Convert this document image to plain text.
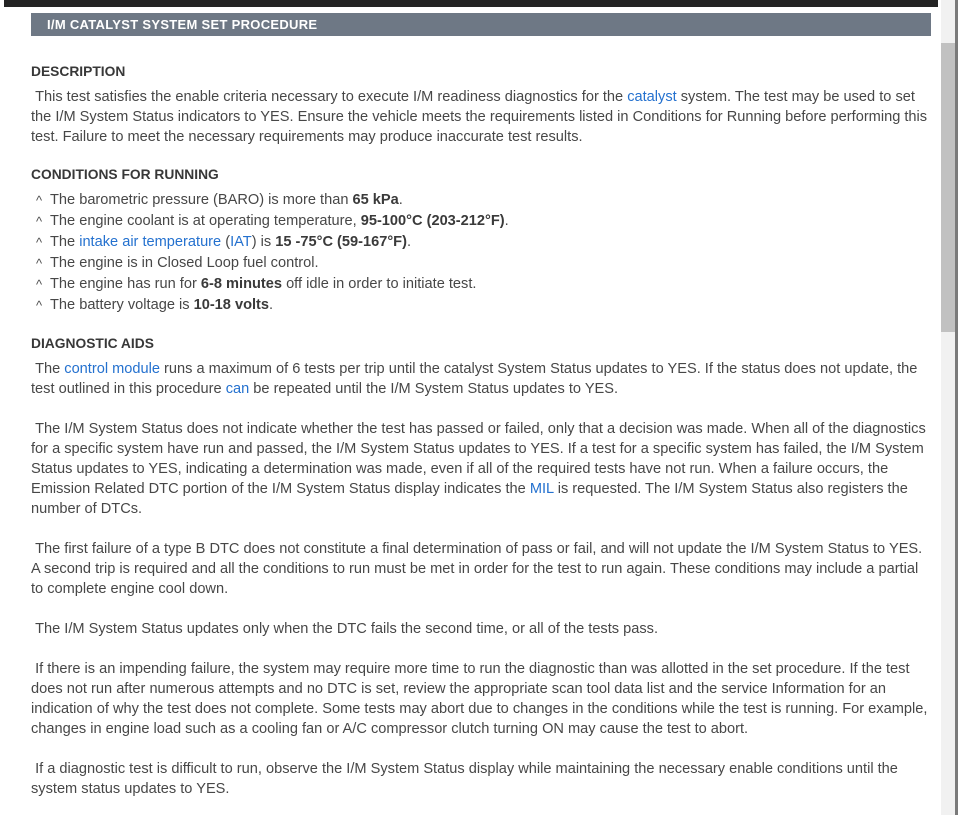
I/M CATALYST SYSTEM SET PROCEDURE
DESCRIPTION
This test satisfies the enable criteria necessary to execute I/M readiness diagnostics for the catalyst system. The test may be used to set the I/M System Status indicators to YES. Ensure the vehicle meets the requirements listed in Conditions for Running before performing this test. Failure to meet the necessary requirements may produce inaccurate test results.
CONDITIONS FOR RUNNING
^ The barometric pressure (BARO) is more than 65 kPa.
^ The engine coolant is at operating temperature, 95-100°C (203-212°F).
^ The intake air temperature (IAT) is 15 -75°C (59-167°F).
^ The engine is in Closed Loop fuel control.
^ The engine has run for 6-8 minutes off idle in order to initiate test.
^ The battery voltage is 10-18 volts.
DIAGNOSTIC AIDS
The control module runs a maximum of 6 tests per trip until the catalyst System Status updates to YES. If the status does not update, the test outlined in this procedure can be repeated until the I/M System Status updates to YES.
The I/M System Status does not indicate whether the test has passed or failed, only that a decision was made. When all of the diagnostics for a specific system have run and passed, the I/M System Status updates to YES. If a test for a specific system has failed, the I/M System Status updates to YES, indicating a determination was made, even if all of the required tests have not run. When a failure occurs, the Emission Related DTC portion of the I/M System Status display indicates the MIL is requested. The I/M System Status also registers the number of DTCs.
The first failure of a type B DTC does not constitute a final determination of pass or fail, and will not update the I/M System Status to YES. A second trip is required and all the conditions to run must be met in order for the test to run again. These conditions may include a partial to complete engine cool down.
The I/M System Status updates only when the DTC fails the second time, or all of the tests pass.
If there is an impending failure, the system may require more time to run the diagnostic than was allotted in the set procedure. If the test does not run after numerous attempts and no DTC is set, review the appropriate scan tool data list and the service Information for an indication of why the test does not complete. Some tests may abort due to changes in the conditions while the test is running. For example, changes in engine load such as a cooling fan or A/C compressor clutch turning ON may cause the test to abort.
If a diagnostic test is difficult to run, observe the I/M System Status display while maintaining the necessary enable conditions until the system status updates to YES.
